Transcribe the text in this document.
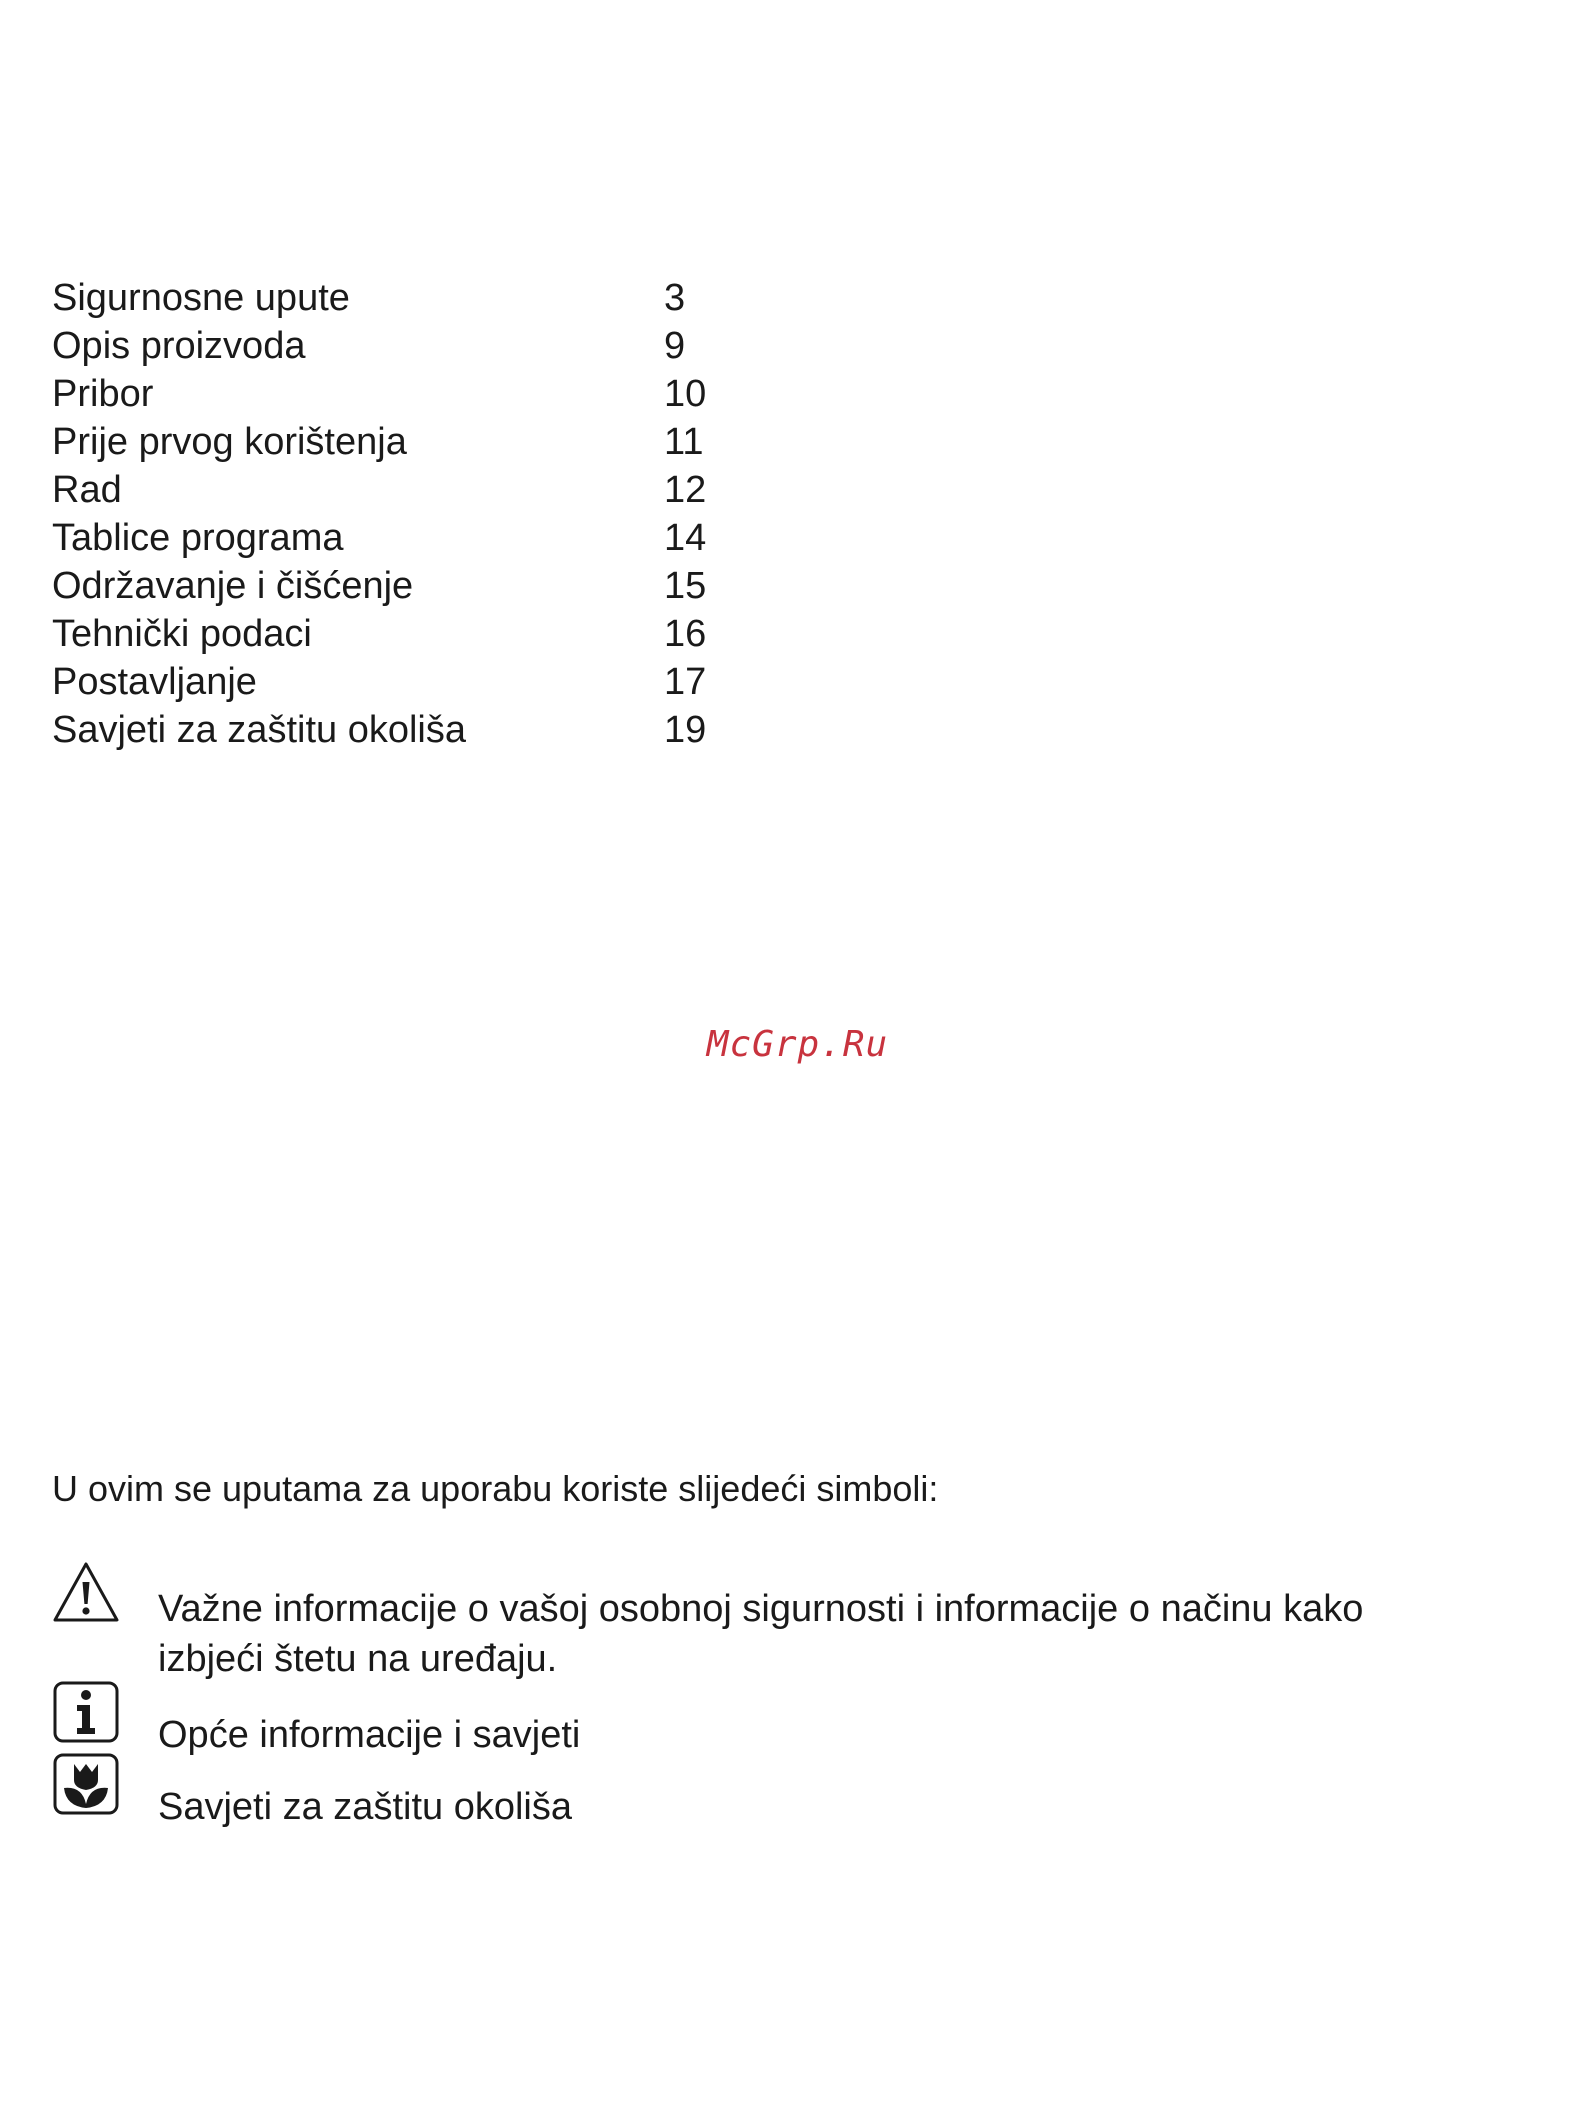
Sigurnosne upute	3
Opis proizvoda	9
Pribor	10
Prije prvog korištenja	11
Rad	12
Tablice programa	14
Održavanje i čišćenje	15
Tehnički podaci	16
Postavljanje	17
Savjeti za zaštitu okoliša	19
McGrp.Ru
U ovim se uputama za uporabu koriste slijedeći simboli:
Važne informacije o vašoj osobnoj sigurnosti i informacije o načinu kako izbjeći štetu na uređaju.
Opće informacije i savjeti
Savjeti za zaštitu okoliša
